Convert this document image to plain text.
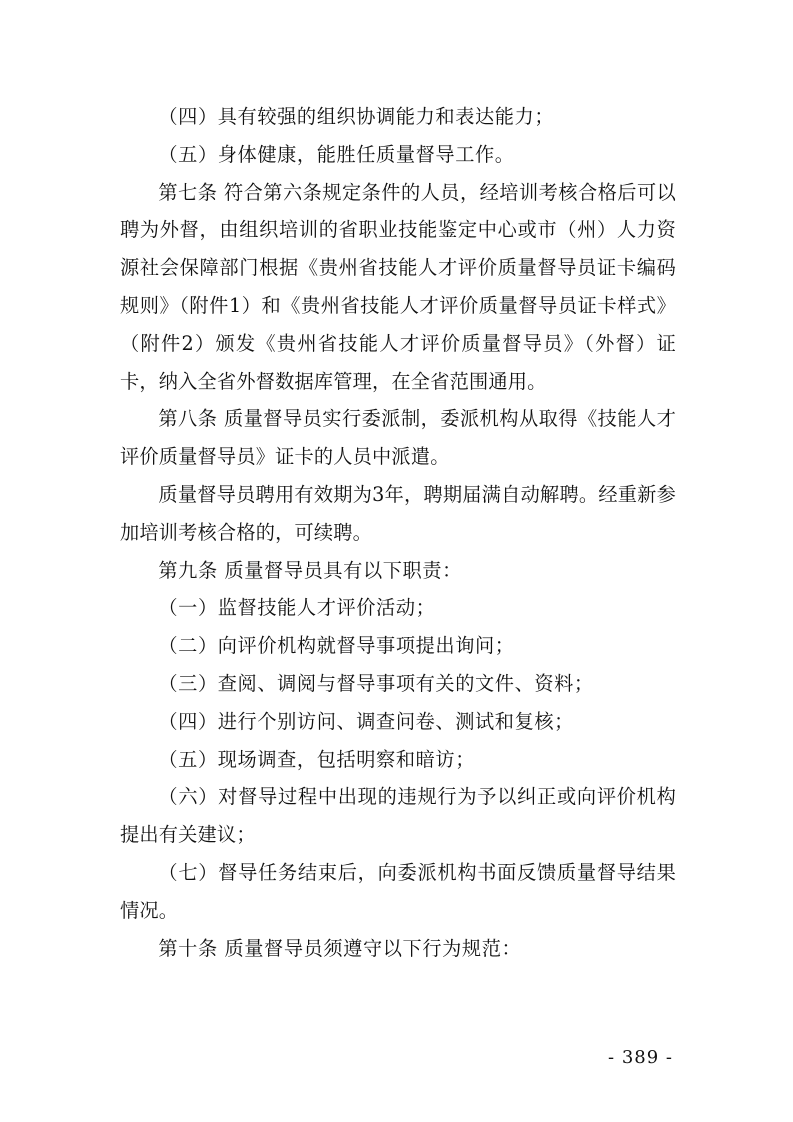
（四）具有较强的组织协调能力和表达能力；

（五）身体健康，能胜任质量督导工作。

第七条 符合第六条规定条件的人员，经培训考核合格后可以聘为外督，由组织培训的省职业技能鉴定中心或市（州）人力资源社会保障部门根据《贵州省技能人才评价质量督导员证卡编码规则》（附件1）和《贵州省技能人才评价质量督导员证卡样式》（附件2）颁发《贵州省技能人才评价质量督导员》（外督）证卡，纳入全省外督数据库管理，在全省范围通用。

第八条 质量督导员实行委派制，委派机构从取得《技能人才评价质量督导员》证卡的人员中派遣。

质量督导员聘用有效期为3年，聘期届满自动解聘。经重新参加培训考核合格的，可续聘。

第九条 质量督导员具有以下职责：

（一）监督技能人才评价活动；

（二）向评价机构就督导事项提出询问；

（三）查阅、调阅与督导事项有关的文件、资料；

（四）进行个别访问、调查问卷、测试和复核；

（五）现场调查，包括明察和暗访；

（六）对督导过程中出现的违规行为予以纠正或向评价机构提出有关建议；

（七）督导任务结束后，向委派机构书面反馈质量督导结果情况。

第十条 质量督导员须遵守以下行为规范：

- 389 -
